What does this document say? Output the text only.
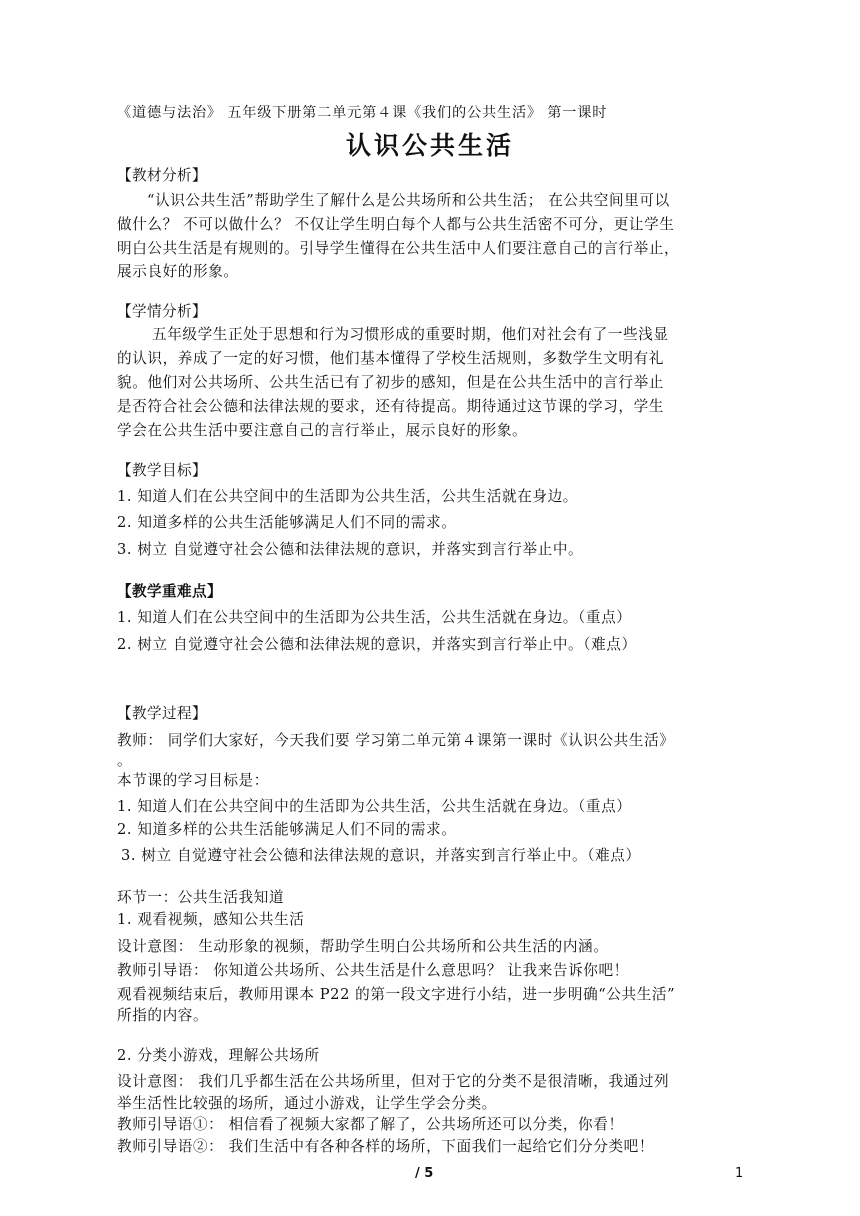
《道德与法治》 五年级下册第二单元第４课《我们的公共生活》 第一课时
认识公共生活
【教材分析】
“认识公共生活”帮助学生了解什么是公共场所和公共生活； 在公共空间里可以
做什么？ 不可以做什么？ 不仅让学生明白每个人都与公共生活密不可分，更让学生
明白公共生活是有规则的。引导学生懂得在公共生活中人们要注意自己的言行举止，
展示良好的形象。
【学情分析】
五年级学生正处于思想和行为习惯形成的重要时期，他们对社会有了一些浅显
的认识，养成了一定的好习惯，他们基本懂得了学校生活规则，多数学生文明有礼
貌。他们对公共场所、公共生活已有了初步的感知，但是在公共生活中的言行举止
是否符合社会公德和法律法规的要求，还有待提高。期待通过这节课的学习，学生
学会在公共生活中要注意自己的言行举止，展示良好的形象。
【教学目标】
1. 知道人们在公共空间中的生活即为公共生活，公共生活就在身边。
2. 知道多样的公共生活能够满足人们不同的需求。
3. 树立 自觉遵守社会公德和法律法规的意识，并落实到言行举止中。
【教学重难点】
1. 知道人们在公共空间中的生活即为公共生活，公共生活就在身边。（重点）
2. 树立 自觉遵守社会公德和法律法规的意识，并落实到言行举止中。（难点）
【教学过程】
教师： 同学们大家好，今天我们要 学习第二单元第４课第一课时《认识公共生活》
。
本节课的学习目标是：
1. 知道人们在公共空间中的生活即为公共生活，公共生活就在身边。（重点）
2. 知道多样的公共生活能够满足人们不同的需求。
3. 树立 自觉遵守社会公德和法律法规的意识，并落实到言行举止中。（难点）
环节一：公共生活我知道
1. 观看视频，感知公共生活
设计意图： 生动形象的视频，帮助学生明白公共场所和公共生活的内涵。
教师引导语： 你知道公共场所、公共生活是什么意思吗？ 让我来告诉你吧！
观看视频结束后，教师用课本 P22 的第一段文字进行小结，进一步明确“公共生活”
所指的内容。
2. 分类小游戏，理解公共场所
设计意图： 我们几乎都生活在公共场所里，但对于它的分类不是很清晰，我通过列
举生活性比较强的场所，通过小游戏，让学生学会分类。
教师引导语①： 相信看了视频大家都了解了，公共场所还可以分类，你看！
教师引导语②： 我们生活中有各种各样的场所，下面我们一起给它们分分类吧！
/ 5	1
